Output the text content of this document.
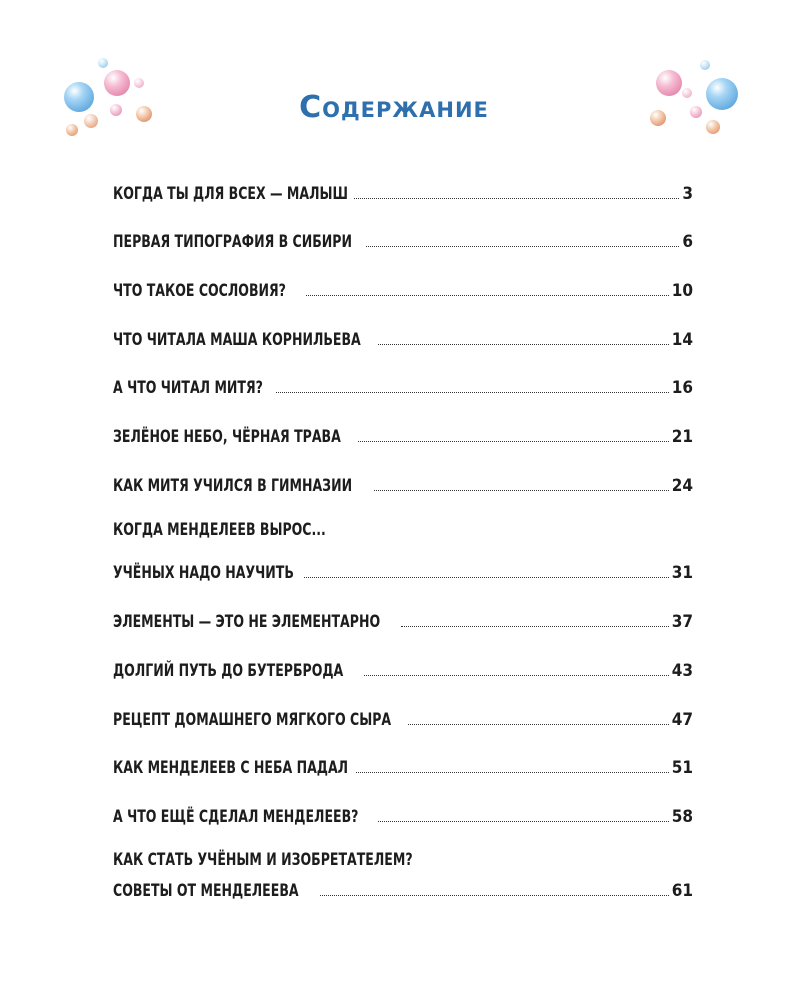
Содержание
КОГДА ТЫ ДЛЯ ВСЕХ — МАЛЫШ	3
ПЕРВАЯ ТИПОГРАФИЯ В СИБИРИ	6
ЧТО ТАКОЕ СОСЛОВИЯ?	10
ЧТО ЧИТАЛА МАША КОРНИЛЬЕВА	14
А ЧТО ЧИТАЛ МИТЯ?	16
ЗЕЛЁНОЕ НЕБО, ЧЁРНАЯ ТРАВА	21
КАК МИТЯ УЧИЛСЯ В ГИМНАЗИИ	24
КОГДА МЕНДЕЛЕЕВ ВЫРОС...
УЧЁНЫХ НАДО НАУЧИТЬ	31
ЭЛЕМЕНТЫ — ЭТО НЕ ЭЛЕМЕНТАРНО	37
ДОЛГИЙ ПУТЬ ДО БУТЕРБРОДА	43
РЕЦЕПТ ДОМАШНЕГО МЯГКОГО СЫРА	47
КАК МЕНДЕЛЕЕВ С НЕБА ПАДАЛ	51
А ЧТО ЕЩЁ СДЕЛАЛ МЕНДЕЛЕЕВ?	58
КАК СТАТЬ УЧЁНЫМ И ИЗОБРЕТАТЕЛЕМ?
СОВЕТЫ ОТ МЕНДЕЛЕЕВА	61
